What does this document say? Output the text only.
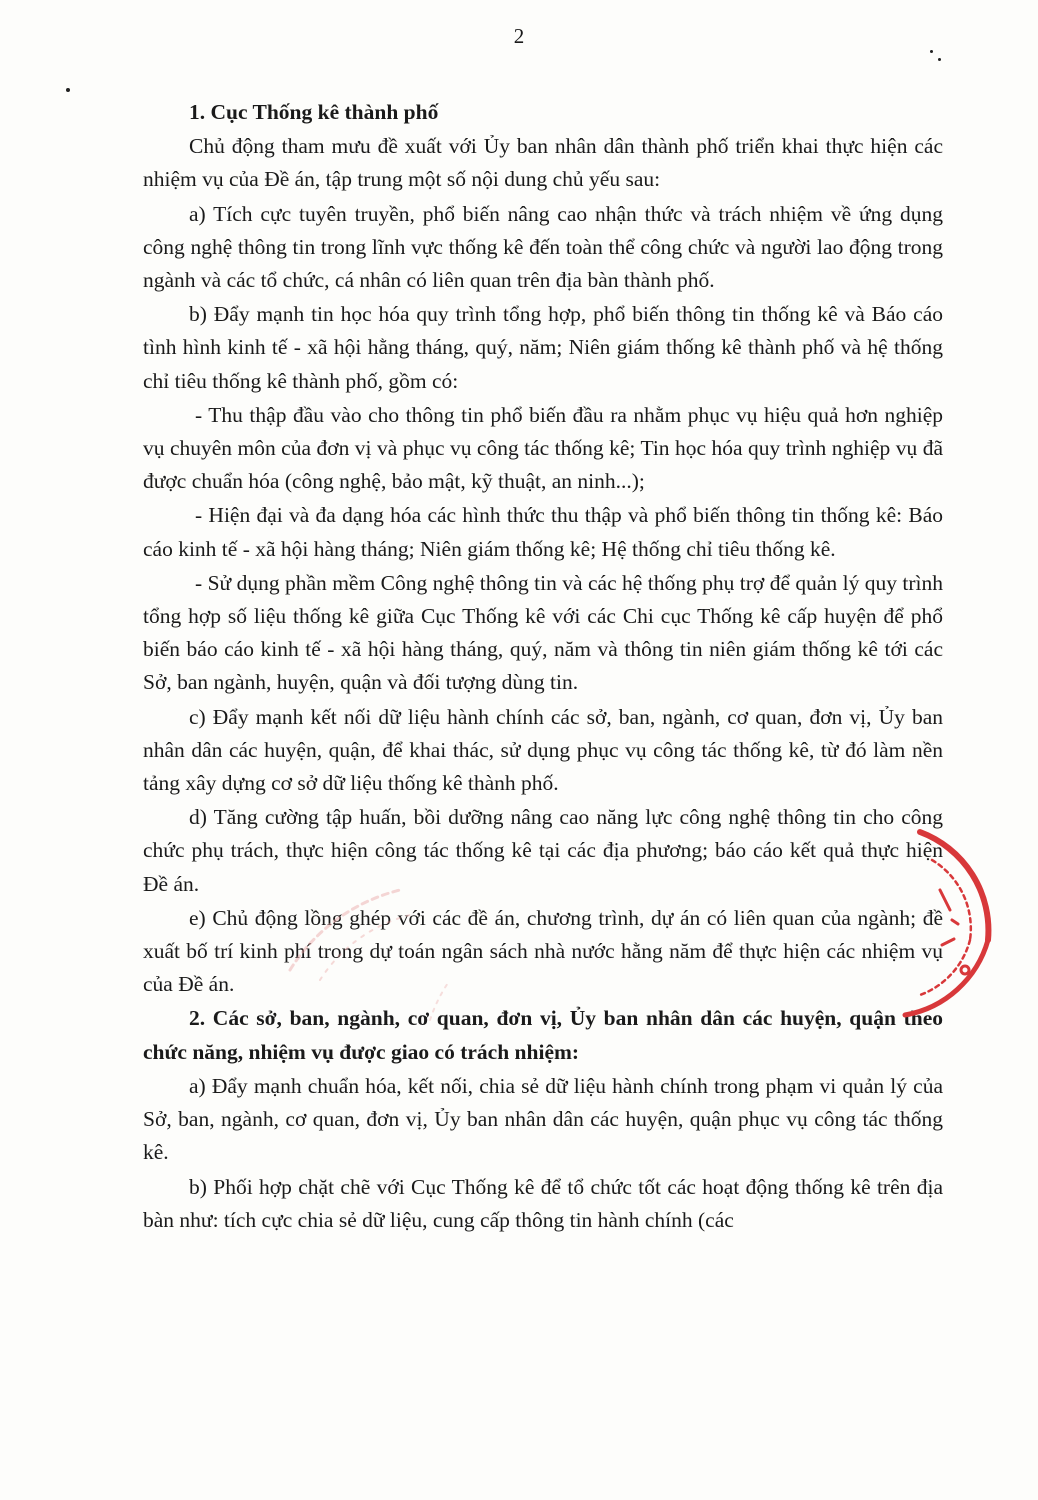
2
1. Cục Thống kê thành phố

Chủ động tham mưu đề xuất với Ủy ban nhân dân thành phố triển khai thực hiện các nhiệm vụ của Đề án, tập trung một số nội dung chủ yếu sau:

a) Tích cực tuyên truyền, phổ biến nâng cao nhận thức và trách nhiệm về ứng dụng công nghệ thông tin trong lĩnh vực thống kê đến toàn thể công chức và người lao động trong ngành và các tổ chức, cá nhân có liên quan trên địa bàn thành phố.

b) Đẩy mạnh tin học hóa quy trình tổng hợp, phổ biến thông tin thống kê và Báo cáo tình hình kinh tế - xã hội hằng tháng, quý, năm; Niên giám thống kê thành phố và hệ thống chỉ tiêu thống kê thành phố, gồm có:

- Thu thập đầu vào cho thông tin phổ biến đầu ra nhằm phục vụ hiệu quả hơn nghiệp vụ chuyên môn của đơn vị và phục vụ công tác thống kê; Tin học hóa quy trình nghiệp vụ đã được chuẩn hóa (công nghệ, bảo mật, kỹ thuật, an ninh...);

- Hiện đại và đa dạng hóa các hình thức thu thập và phổ biến thông tin thống kê: Báo cáo kinh tế - xã hội hàng tháng; Niên giám thống kê; Hệ thống chỉ tiêu thống kê.

- Sử dụng phần mềm Công nghệ thông tin và các hệ thống phụ trợ để quản lý quy trình tổng hợp số liệu thống kê giữa Cục Thống kê với các Chi cục Thống kê cấp huyện để phổ biến báo cáo kinh tế - xã hội hàng tháng, quý, năm và thông tin niên giám thống kê tới các Sở, ban ngành, huyện, quận và đối tượng dùng tin.

c) Đẩy mạnh kết nối dữ liệu hành chính các sở, ban, ngành, cơ quan, đơn vị, Ủy ban nhân dân các huyện, quận, để khai thác, sử dụng phục vụ công tác thống kê, từ đó làm nền tảng xây dựng cơ sở dữ liệu thống kê thành phố.

d) Tăng cường tập huấn, bồi dưỡng nâng cao năng lực công nghệ thông tin cho công chức phụ trách, thực hiện công tác thống kê tại các địa phương; báo cáo kết quả thực hiện Đề án.

e) Chủ động lồng ghép với các đề án, chương trình, dự án có liên quan của ngành; đề xuất bố trí kinh phí trong dự toán ngân sách nhà nước hằng năm để thực hiện các nhiệm vụ của Đề án.

2. Các sở, ban, ngành, cơ quan, đơn vị, Ủy ban nhân dân các huyện, quận theo chức năng, nhiệm vụ được giao có trách nhiệm:

a) Đẩy mạnh chuẩn hóa, kết nối, chia sẻ dữ liệu hành chính trong phạm vi quản lý của Sở, ban, ngành, cơ quan, đơn vị, Ủy ban nhân dân các huyện, quận phục vụ công tác thống kê.

b) Phối hợp chặt chẽ với Cục Thống kê để tổ chức tốt các hoạt động thống kê trên địa bàn như: tích cực chia sẻ dữ liệu, cung cấp thông tin hành chính (các
